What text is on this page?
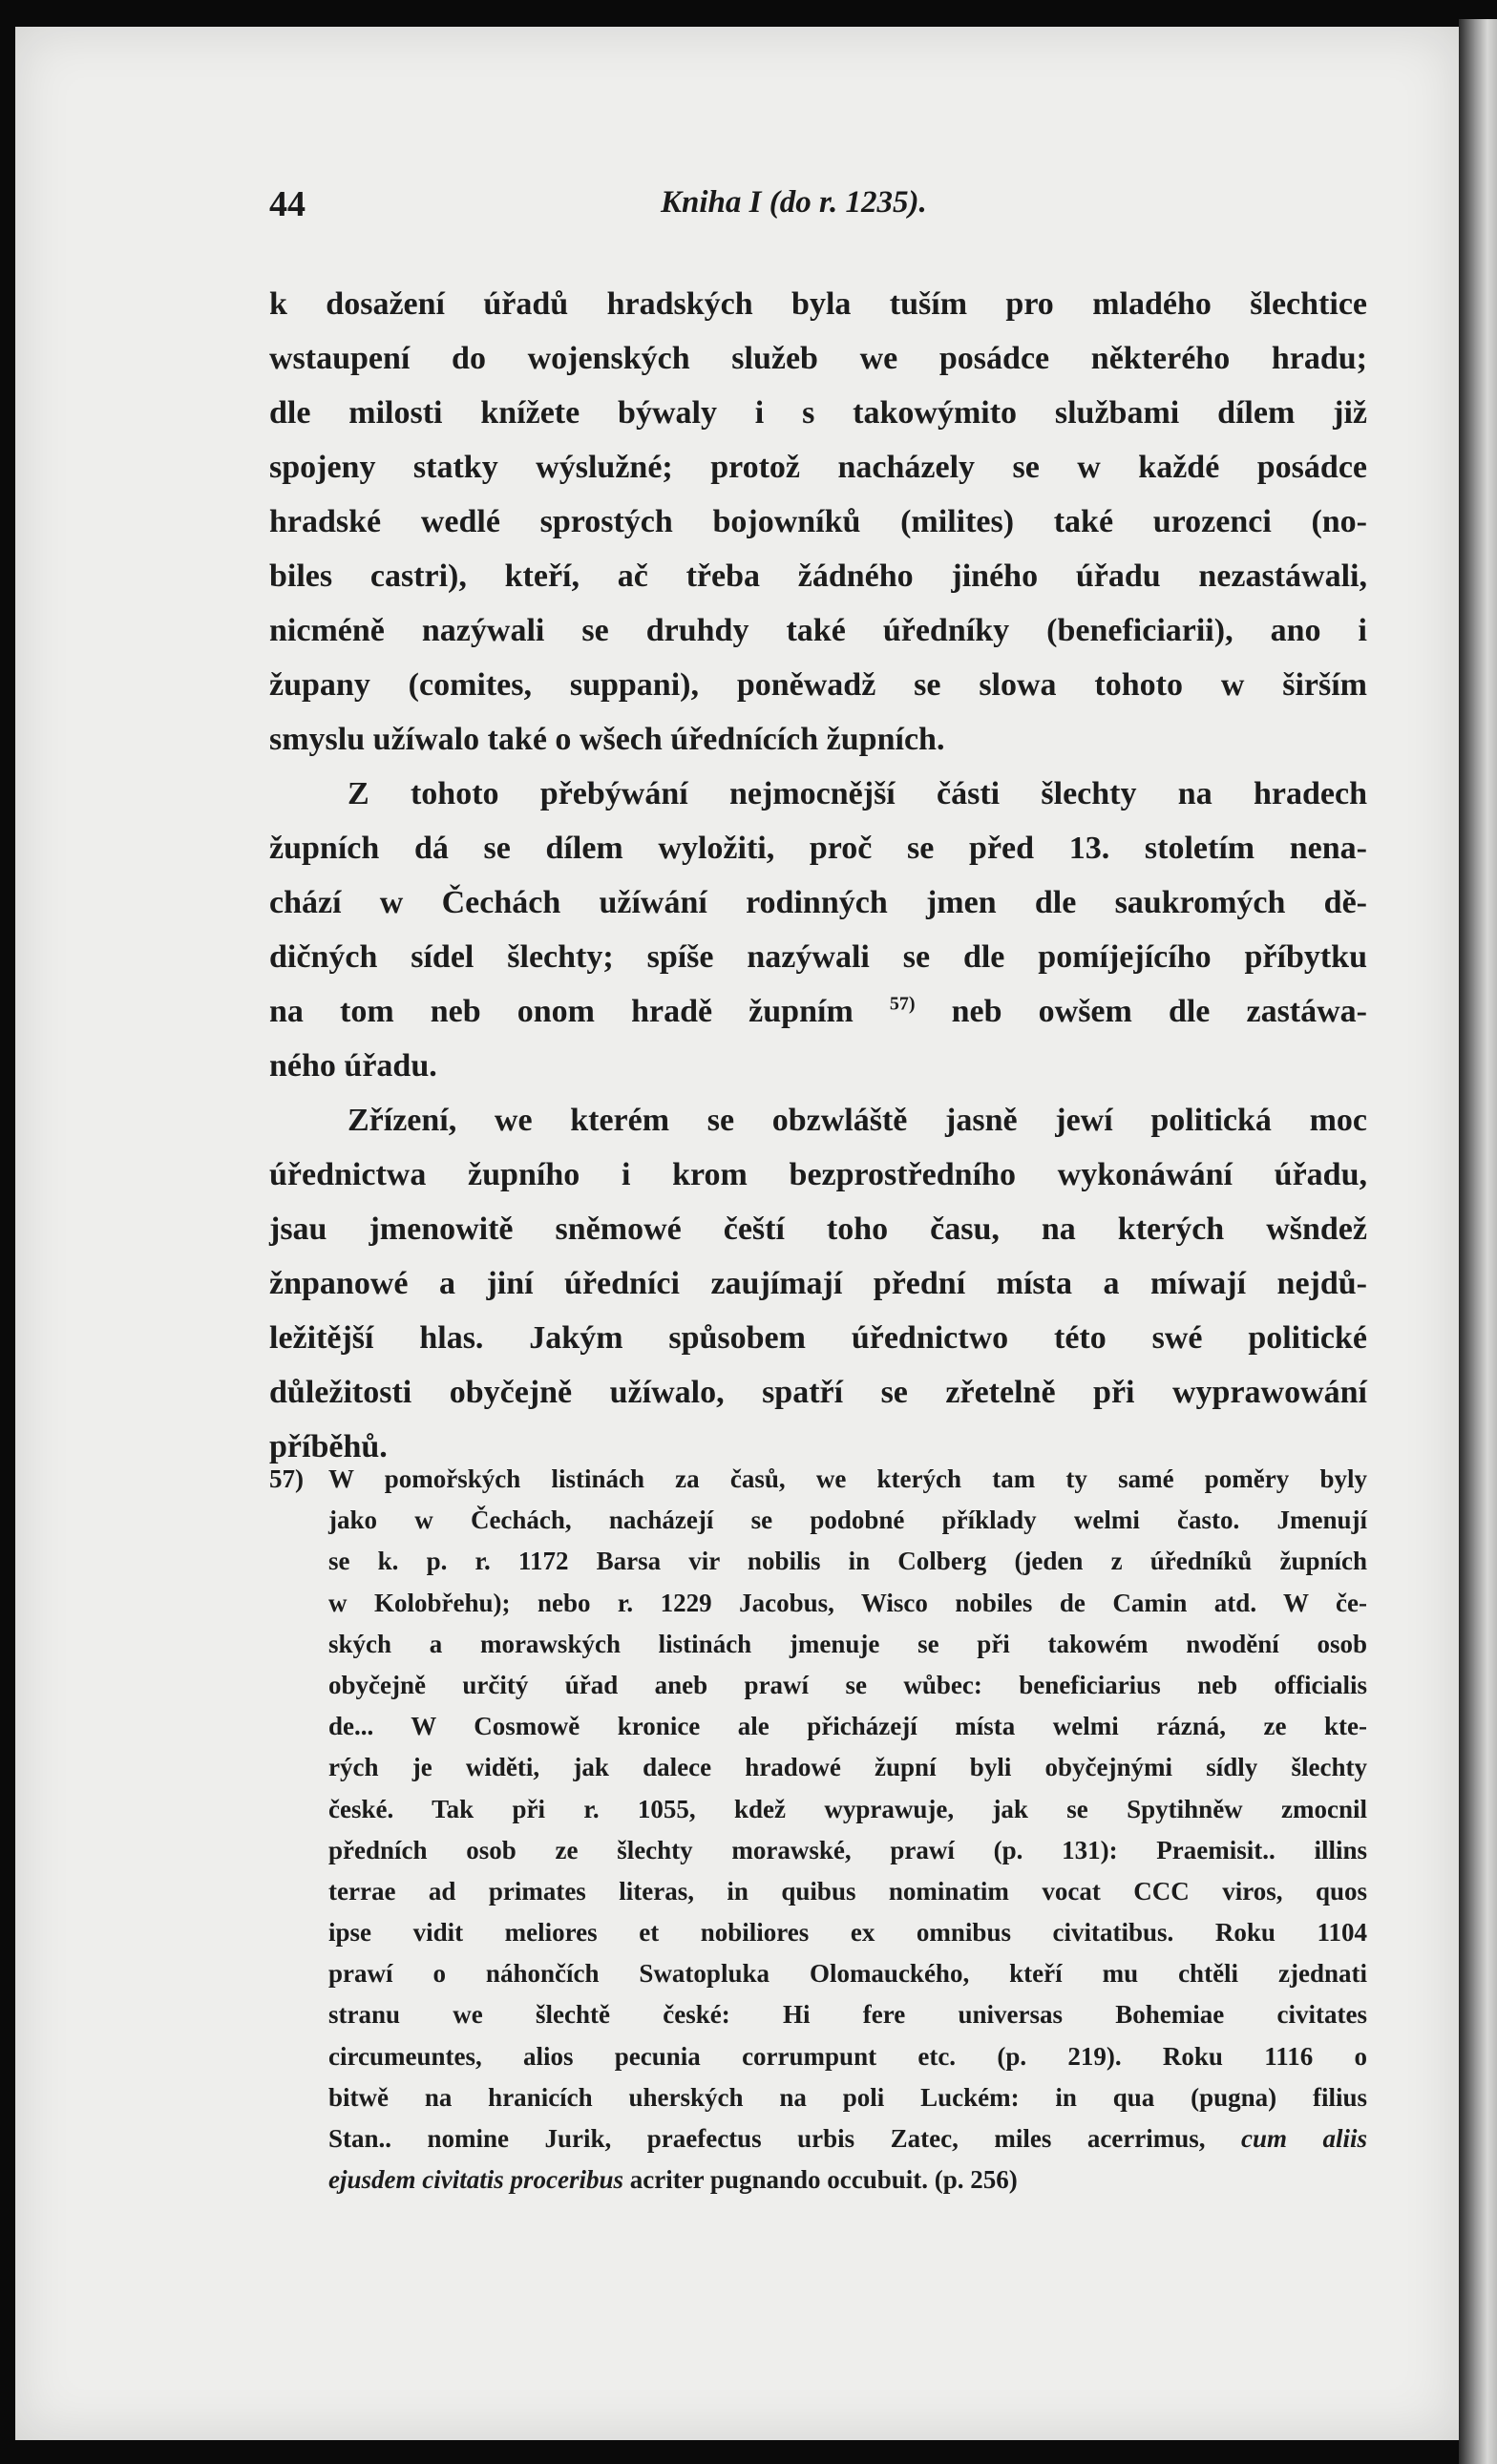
44	Kniha I (do r. 1235).
k dosažení úřadů hradských byla tuším pro mladého šlechtice
wstaupení do wojenských služeb we posádce některého hradu;
dle milosti knížete býwaly i s takowýmito službami dílem již
spojeny statky wýslužné; protož nacházely se w každé posádce
hradské wedlé sprostých bojowníků (milites) také urozenci (no-
biles castri), kteří, ač třeba žádného jiného úřadu nezastáwali,
nicméně nazýwali se druhdy také úředníky (beneficiarii), ano i
župany (comites, suppani), poněwadž se slowa tohoto w širším
smyslu užíwalo také o wšech úřednících župních.
Z tohoto přebýwání nejmocnější části šlechty na hradech
župních dá se dílem wyložiti, proč se před 13. stoletím nena-
chází w Čechách užíwání rodinných jmen dle saukromých dě-
dičných sídel šlechty; spíše nazýwali se dle pomíjejícího příbytku
na tom neb onom hradě župním $^{57)}$ neb owšem dle zastáwa-
ného úřadu.
Zřízení, we kterém se obzwláště jasně jewí politická moc
úřednictwa župního i krom bezprostředního wykonáwání úřadu,
jsau jmenowitě sněmowé čeští toho času, na kterých wšndež
žnpanowé a jiní úředníci zaujímají přední místa a míwají nejdů-
ležitější hlas. Jakým spůsobem úřednictwo této swé politické
důležitosti obyčejně užíwalo, spatří se zřetelně při wyprawowání
příběhů.
57) W pomořských listinách za časů, we kterých tam ty samé poměry byly
jako w Čechách, nacházejí se podobné příklady welmi často. Jmenují
se k. p. r. 1172 Barsa vir nobilis in Colberg (jeden z úředníků župních
w Kolobřehu); nebo r. 1229 Jacobus, Wisco nobiles de Camin atd. W če-
ských a morawských listinách jmenuje se při takowém nwodění osob
obyčejně určitý úřad aneb prawí se wůbec: beneficiarius neb officialis
de... W Cosmowě kronice ale přicházejí místa welmi rázná, ze kte-
rých je widěti, jak dalece hradowé župní byli obyčejnými sídly šlechty
české. Tak při r. 1055, kdež wyprawuje, jak se Spytihněw zmocnil
předních osob ze šlechty morawské, prawí (p. 131): Praemisit.. illins
terrae ad primates literas, in quibus nominatim vocat CCC viros, quos
ipse vidit meliores et nobiliores ex omnibus civitatibus. Roku 1104
prawí o náhončích Swatopluka Olomauckého, kteří mu chtěli zjednati
stranu we šlechtě české: Hi fere universas Bohemiae civitates
circumeuntes, alios pecunia corrumpunt etc. (p. 219). Roku 1116 o
bitwě na hranicích uherských na poli Luckém: in qua (pugna) filius
Stan.. nomine Jurik, praefectus urbis Zatec, miles acerrimus, cum aliis
ejusdem civitatis proceribus acriter pugnando occubuit. (p. 256)
